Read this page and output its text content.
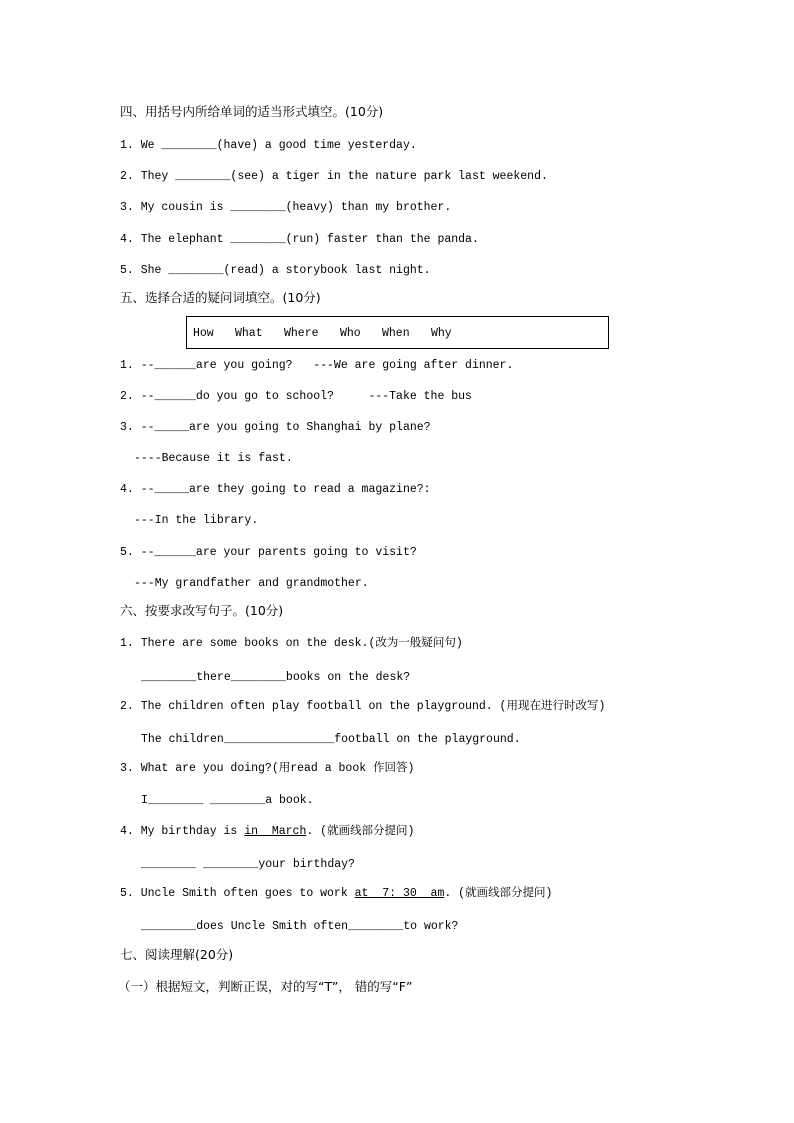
四、用括号内所给单词的适当形式填空。(10分)
1. We ________(have) a good time yesterday.
2. They ________(see) a tiger in the nature park last weekend.
3. My cousin is ________(heavy) than my brother.
4. The elephant ________(run) faster than the panda.
5. She ________(read) a storybook last night.
五、选择合适的疑问词填空。(10分)
How What Where Who When Why
1. --______are you going?   ---We are going after dinner.
2. --______do you go to school?     ---Take the bus
3. --_____are you going to Shanghai by plane?
----Because it is fast.
4. --_____are they going to read a magazine?:
---In the library.
5. --______are your parents going to visit?
---My grandfather and grandmother.
六、按要求改写句子。(10分)
1. There are some books on the desk.(改为一般疑问句)
________there________books on the desk?
2. The children often play football on the playground. (用现在进行时改写)
The children________________football on the playground.
3. What are you doing?(用read a book 作回答)
I________ ________a book.
4. My birthday is in  March. (就画线部分提问)
________ ________your birthday?
5. Uncle Smith often goes to work at  7: 30  am. (就画线部分提问)
________does Uncle Smith often________to work?
七、阅读理解(20分)
（一）根据短文，判断正误，对的写“T”， 错的写“F”
